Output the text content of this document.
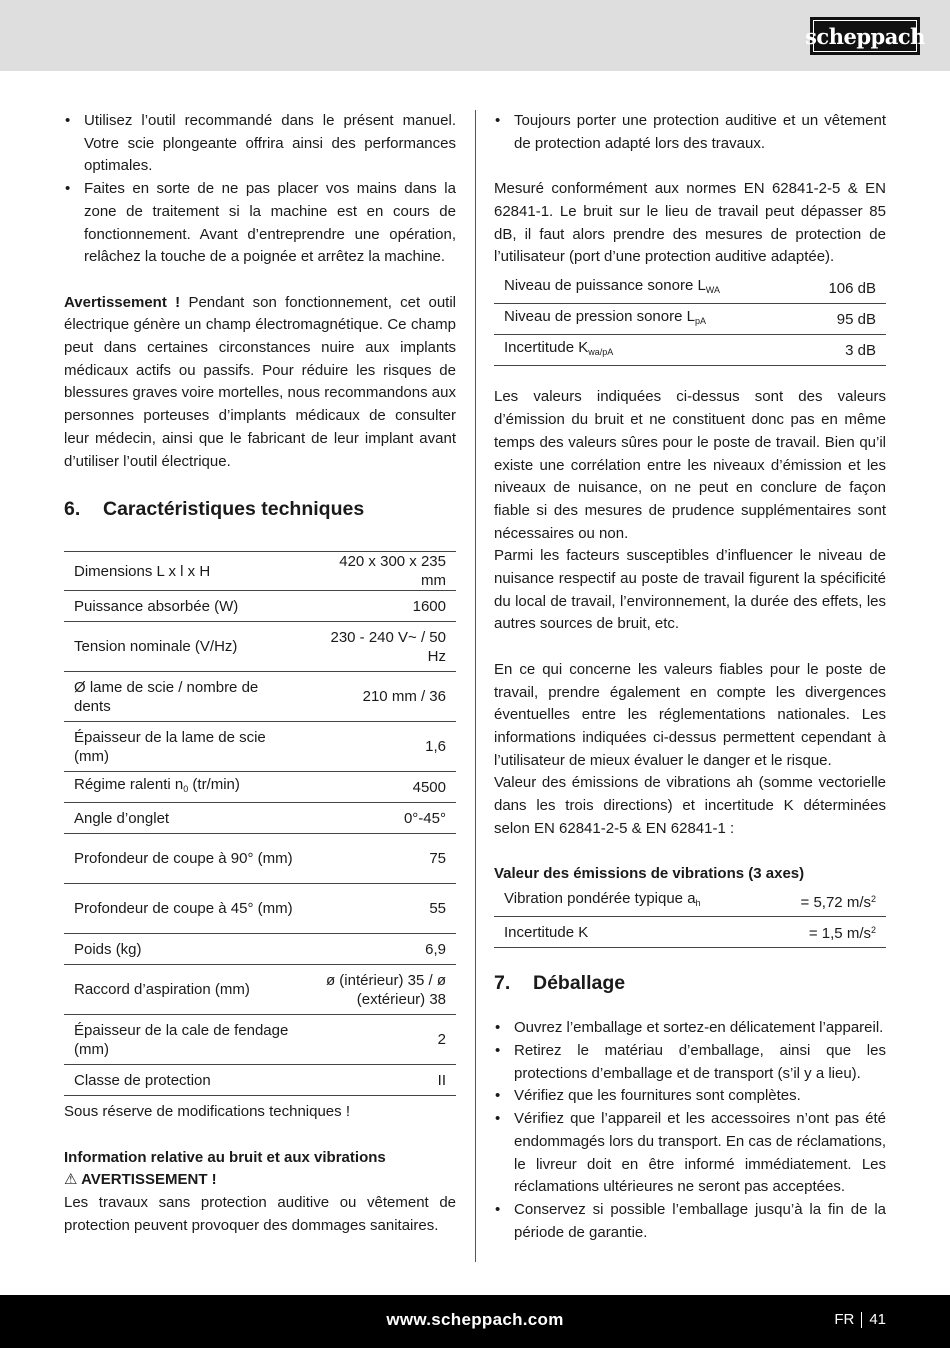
scheppach
• Utilisez l’outil recommandé dans le présent manuel. Votre scie plongeante offrira ainsi des performances optimales.
• Faites en sorte de ne pas placer vos mains dans la zone de traitement si la machine est en cours de fonctionnement. Avant d’entreprendre une opération, relâchez la touche de a poignée et arrêtez la machine.

Avertissement ! Pendant son fonctionnement, cet outil électrique génère un champ électromagnétique. Ce champ peut dans certaines circonstances nuire aux implants médicaux actifs ou passifs. Pour réduire les risques de blessures graves voire mortelles, nous recommandons aux personnes porteuses d’implants médicaux de consulter leur médecin, ainsi que le fabricant de leur implant avant d’utiliser l’outil électrique.

6.	Caractéristiques techniques
Dimensions L x l x H	420 x 300 x 235 mm
Puissance absorbée (W)	1600
Tension nominale (V/Hz)	230 - 240 V~ / 50 Hz
Ø lame de scie / nombre de dents	210 mm / 36
Épaisseur de la lame de scie (mm)	1,6
Régime ralenti $n_0$ (tr/min)	4500
Angle d’onglet	0°-45°
Profondeur de coupe à 90° (mm)	75
Profondeur de coupe à 45° (mm)	55
Poids (kg)	6,9
Raccord d’aspiration (mm)	ø (intérieur) 35 / ø (extérieur) 38
Épaisseur de la cale de fendage (mm)	2
Classe de protection	II

Sous réserve de modifications techniques !

Information relative au bruit et aux vibrations

⚠ AVERTISSEMENT !

Les travaux sans protection auditive ou vêtement de protection peuvent provoquer des dommages sanitaires.

• Toujours porter une protection auditive et un vêtement de protection adapté lors des travaux.

Mesuré conformément aux normes EN 62841-2-5 & EN 62841-1. Le bruit sur le lieu de travail peut dépasser 85 dB, il faut alors prendre des mesures de protection de l’utilisateur (port d’une protection auditive adaptée).

Niveau de puissance sonore $L_{WA}$	106 dB
Niveau de pression sonore $L_{pA}$	95 dB
Incertitude $K_{wa/pA}$	3 dB

Les valeurs indiquées ci-dessus sont des valeurs d’émission du bruit et ne constituent donc pas en même temps des valeurs sûres pour le poste de travail. Bien qu’il existe une corrélation entre les niveaux d’émission et les niveaux de nuisance, on ne peut en conclure de façon fiable si des mesures de prudence supplémentaires sont nécessaires ou non.

Parmi les facteurs susceptibles d’influencer le niveau de nuisance respectif au poste de travail figurent la spécificité du local de travail, l’environnement, la durée des effets, les autres sources de bruit, etc.

En ce qui concerne les valeurs fiables pour le poste de travail, prendre également en compte les divergences éventuelles entre les réglementations nationales. Les informations indiquées ci-dessus permettent cependant à l’utilisateur de mieux évaluer le danger et le risque.

Valeur des émissions de vibrations ah (somme vectorielle dans les trois directions) et incertitude K déterminées selon EN 62841-2-5 & EN 62841-1 :

Valeur des émissions de vibrations (3 axes)

Vibration pondérée typique $a_h$	= 5,72 $m/s^2$
Incertitude K	= 1,5 $m/s^2$
7.	Déballage
• Ouvrez l’emballage et sortez-en délicatement l’appareil.
• Retirez le matériau d’emballage, ainsi que les protections d’emballage et de transport (s’il y a lieu).
• Vérifiez que les fournitures sont complètes.
• Vérifiez que l’appareil et les accessoires n’ont pas été endommagés lors du transport. En cas de réclamations, le livreur doit en être informé immédiatement. Les réclamations ultérieures ne seront pas acceptées.
• Conservez si possible l’emballage jusqu’à la fin de la période de garantie.
www.scheppach.com	FR 41
